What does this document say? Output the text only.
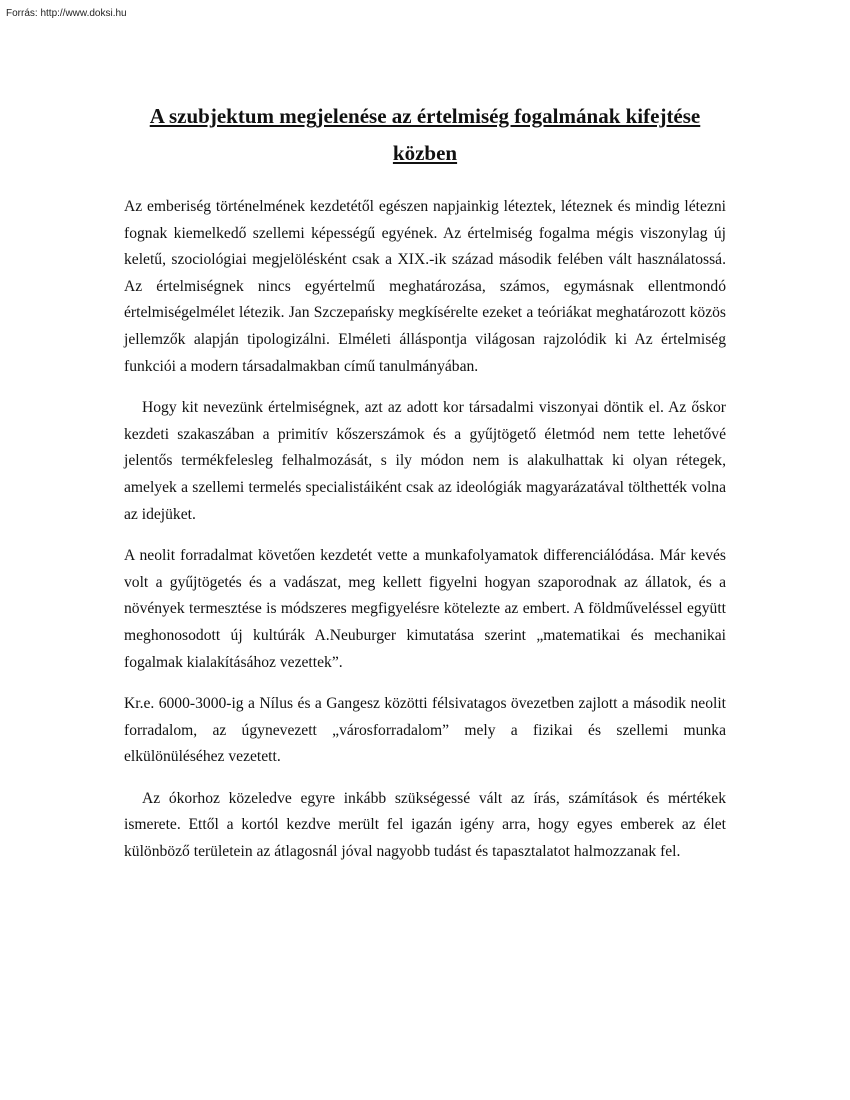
Forrás: http://www.doksi.hu
A szubjektum megjelenése az értelmiség fogalmának kifejtése
közben

Az emberiség történelmének kezdetétől egészen napjainkig léteztek, léteznek és mindig létezni fognak kiemelkedő szellemi képességű egyének. Az értelmiség fogalma mégis viszonylag új keletű, szociológiai megjelölésként csak a XIX.-ik század második felében vált használatossá. Az értelmiségnek nincs egyértelmű meghatározása, számos, egymásnak ellentmondó értelmiségelmélet létezik. Jan Szczepańsky megkísérelte ezeket a teóriákat meghatározott közös jellemzők alapján tipologizálni. Elméleti álláspontja világosan rajzolódik ki Az értelmiség funkciói a modern társadalmakban című tanulmányában.

Hogy kit nevezünk értelmiségnek, azt az adott kor társadalmi viszonyai döntik el. Az őskor kezdeti szakaszában a primitív kőszerszámok és a gyűjtögető életmód nem tette lehetővé jelentős termékfelesleg felhalmozását, s ily módon nem is alakulhattak ki olyan rétegek, amelyek a szellemi termelés specialistáiként csak az ideológiák magyarázatával tölthették volna az idejüket.

A neolit forradalmat követően kezdetét vette a munkafolyamatok differenciálódása. Már kevés volt a gyűjtögetés és a vadászat, meg kellett figyelni hogyan szaporodnak az állatok, és a növények termesztése is módszeres megfigyelésre kötelezte az embert. A földműveléssel együtt meghonosodott új kultúrák A.Neuburger kimutatása szerint „matematikai és mechanikai fogalmak kialakításához vezettek”.

Kr.e. 6000-3000-ig a Nílus és a Gangesz közötti félsivatagos övezetben zajlott a második neolit forradalom, az úgynevezett „városforradalom” mely a fizikai és szellemi munka elkülönüléséhez vezetett.

Az ókorhoz közeledve egyre inkább szükségessé vált az írás, számítások és mértékek ismerete. Ettől a kortól kezdve merült fel igazán igény arra, hogy egyes emberek az élet különböző területein az átlagosnál jóval nagyobb tudást és tapasztalatot halmozzanak fel.
